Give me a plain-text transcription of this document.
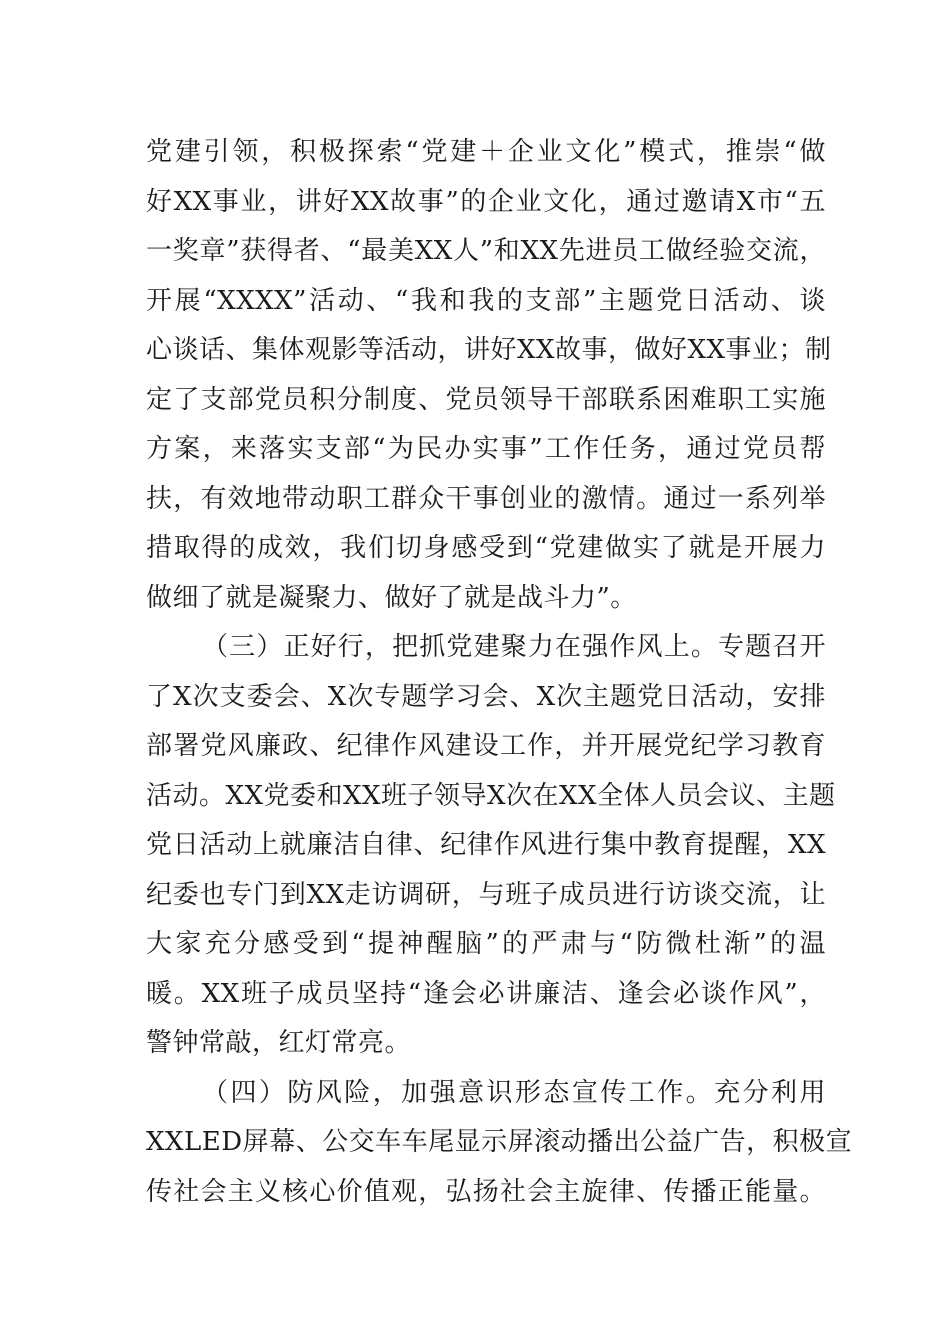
党建引领，积极探索“党建＋企业文化”模式，推崇“做
好XX事业，讲好XX故事”的企业文化，通过邀请X市“五
一奖章”获得者、“最美XX人”和XX先进员工做经验交流，
开展“XXXX”活动、“我和我的支部”主题党日活动、谈
心谈话、集体观影等活动，讲好XX故事，做好XX事业；制
定了支部党员积分制度、党员领导干部联系困难职工实施
方案，来落实支部“为民办实事”工作任务，通过党员帮
扶，有效地带动职工群众干事创业的激情。通过一系列举
措取得的成效，我们切身感受到“党建做实了就是开展力
做细了就是凝聚力、做好了就是战斗力”。
（三）正好行，把抓党建聚力在强作风上。专题召开
了X次支委会、X次专题学习会、X次主题党日活动，安排
部署党风廉政、纪律作风建设工作，并开展党纪学习教育
活动。XX党委和XX班子领导X次在XX全体人员会议、主题
党日活动上就廉洁自律、纪律作风进行集中教育提醒，XX
纪委也专门到XX走访调研，与班子成员进行访谈交流，让
大家充分感受到“提神醒脑”的严肃与“防微杜渐”的温
暖。XX班子成员坚持“逢会必讲廉洁、逢会必谈作风”，
警钟常敲，红灯常亮。
（四）防风险，加强意识形态宣传工作。充分利用
XXLED屏幕、公交车车尾显示屏滚动播出公益广告，积极宣
传社会主义核心价值观，弘扬社会主旋律、传播正能量。
